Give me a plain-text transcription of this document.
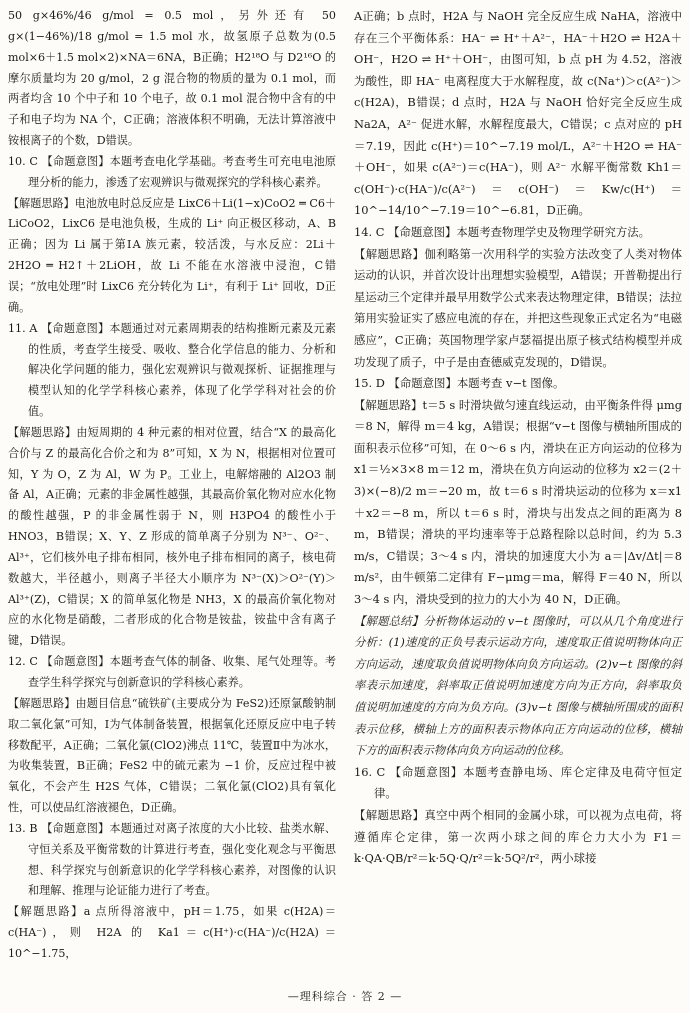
50 g×46%/46 g/mol = 0.5 mol，另外还有 50 g×(1−46%)/18 g/mol = 1.5 mol 水，故氢原子总数为(0.5 mol×6＋1.5 mol×2)×NA＝6NA，B正确；H2¹⁸O 与 D2¹⁶O 的摩尔质量均为 20 g/mol，2 g 混合物的物质的量为 0.1 mol，而两者均含 10 个中子和 10 个电子，故 0.1 mol 混合物中含有的中子和电子均为 NA 个，C正确；溶液体积不明确，无法计算溶液中铵根离子的个数，D错误。

10. C 【命题意图】本题考查电化学基础。考查考生可充电电池原理分析的能力，渗透了宏观辨识与微观探究的学科核心素养。

【解题思路】电池放电时总反应是 LixC6＋Li(1−x)CoO2 ═ C6＋LiCoO2，LixC6 是电池负极，生成的 Li⁺ 向正极区移动，A、B正确；因为 Li 属于第ⅠA 族元素，较活泼，与水反应：2Li＋2H2O ═ H2↑＋2LiOH，故 Li 不能在水溶液中浸泡，C错误；“放电处理”时 LixC6 充分转化为 Li⁺，有利于 Li⁺ 回收，D正确。

11. A 【命题意图】本题通过对元素周期表的结构推断元素及元素的性质，考查学生接受、吸收、整合化学信息的能力、分析和解决化学问题的能力，强化宏观辨识与微观探析、证据推理与模型认知的化学学科核心素养，体现了化学学科对社会的价值。

【解题思路】由短周期的 4 种元素的相对位置，结合“X 的最高化合价与 Z 的最高化合价之和为 8”可知，X 为 N，根据相对位置可知，Y 为 O，Z 为 Al，W 为 P。工业上，电解熔融的 Al2O3 制备 Al，A正确；元素的非金属性越强，其最高价氧化物对应水化物的酸性越强，P 的非金属性弱于 N，则 H3PO4 的酸性小于 HNO3，B错误；X、Y、Z 形成的简单离子分别为 N³⁻、O²⁻、Al³⁺，它们核外电子排布相同，核外电子排布相同的离子，核电荷数越大，半径越小，则离子半径大小顺序为 N³⁻(X)＞O²⁻(Y)＞Al³⁺(Z)，C错误；X 的简单氢化物是 NH3，X 的最高价氧化物对应的水化物是硝酸，二者形成的化合物是铵盐，铵盐中含有离子键，D错误。

12. C 【命题意图】本题考查气体的制备、收集、尾气处理等。考查学生科学探究与创新意识的学科核心素养。

【解题思路】由题目信息“硫铁矿(主要成分为 FeS2)还原氯酸钠制取二氧化氯”可知，Ⅰ为气体制备装置，根据氧化还原反应中电子转移数配平，A正确；二氧化氯(ClO2)沸点 11℃，装置Ⅱ中为冰水，为收集装置，B正确；FeS2 中的硫元素为 −1 价，反应过程中被氧化，不会产生 H2S 气体，C错误；二氧化氯(ClO2)具有氧化性，可以使品红溶液褪色，D正确。

13. B 【命题意图】本题通过对离子浓度的大小比较、盐类水解、守恒关系及平衡常数的计算进行考查，强化变化观念与平衡思想、科学探究与创新意识的化学学科核心素养，对图像的认识和理解、推理与论证能力进行了考查。

【解题思路】a 点所得溶液中，pH＝1.75，如果 c(H2A)＝c(HA⁻)，则 H2A 的 Ka1＝c(H⁺)·c(HA⁻)/c(H2A)＝10^−1.75，

A正确；b 点时，H2A 与 NaOH 完全反应生成 NaHA，溶液中存在三个平衡体系：HA⁻ ⇌ H⁺＋A²⁻，HA⁻＋H2O ⇌ H2A＋OH⁻，H2O ⇌ H⁺＋OH⁻，由图可知，b 点 pH 为 4.52，溶液为酸性，即 HA⁻ 电离程度大于水解程度，故 c(Na⁺)＞c(A²⁻)＞c(H2A)，B错误；d 点时，H2A 与 NaOH 恰好完全反应生成 Na2A，A²⁻ 促进水解，水解程度最大，C错误；c 点对应的 pH＝7.19，因此 c(H⁺)＝10^−7.19 mol/L，A²⁻＋H2O ⇌ HA⁻＋OH⁻，如果 c(A²⁻)＝c(HA⁻)，则 A²⁻ 水解平衡常数 Kh1＝c(OH⁻)·c(HA⁻)/c(A²⁻)＝c(OH⁻)＝Kw/c(H⁺)＝10^−14/10^−7.19＝10^−6.81，D正确。

14. C 【命题意图】本题考查物理学史及物理学研究方法。

【解题思路】伽利略第一次用科学的实验方法改变了人类对物体运动的认识，并首次设计出理想实验模型，A错误；开普勒提出行星运动三个定律并最早用数学公式来表达物理定律，B错误；法拉第用实验证实了感应电流的存在，并把这些现象正式定名为“电磁感应”，C正确；英国物理学家卢瑟福提出原子核式结构模型并成功发现了质子，中子是由查德威克发现的，D错误。

15. D 【命题意图】本题考查 v−t 图像。

【解题思路】t＝5 s 时滑块做匀速直线运动，由平衡条件得 μmg＝8 N，解得 m＝4 kg，A错误；根据“v−t 图像与横轴所围成的面积表示位移”可知，在 0～6 s 内，滑块在正方向运动的位移为 x1＝½×3×8 m＝12 m，滑块在负方向运动的位移为 x2＝(2＋3)×(−8)/2 m＝−20 m，故 t＝6 s 时滑块运动的位移为 x＝x1＋x2＝−8 m，所以 t＝6 s 时，滑块与出发点之间的距离为 8 m，B错误；滑块的平均速率等于总路程除以总时间，约为 5.3 m/s，C错误；3～4 s 内，滑块的加速度大小为 a＝|Δv/Δt|＝8 m/s²，由牛顿第二定律有 F−μmg＝ma，解得 F＝40 N，所以 3～4 s 内，滑块受到的拉力的大小为 40 N，D正确。

【解题总结】分析物体运动的 v−t 图像时，可以从几个角度进行分析：(1)速度的正负号表示运动方向，速度取正值说明物体向正方向运动，速度取负值说明物体向负方向运动。(2)v−t 图像的斜率表示加速度，斜率取正值说明加速度方向为正方向，斜率取负值说明加速度的方向为负方向。(3)v−t 图像与横轴所围成的面积表示位移，横轴上方的面积表示物体向正方向运动的位移，横轴下方的面积表示物体向负方向运动的位移。

16. C 【命题意图】本题考查静电场、库仑定律及电荷守恒定律。

【解题思路】真空中两个相同的金属小球，可以视为点电荷，将遵循库仑定律，第一次两小球之间的库仑力大小为 F1＝k·QA·QB/r²＝k·5Q·Q/r²＝k·5Q²/r²，两小球接

—理科综合 · 答 2 —
